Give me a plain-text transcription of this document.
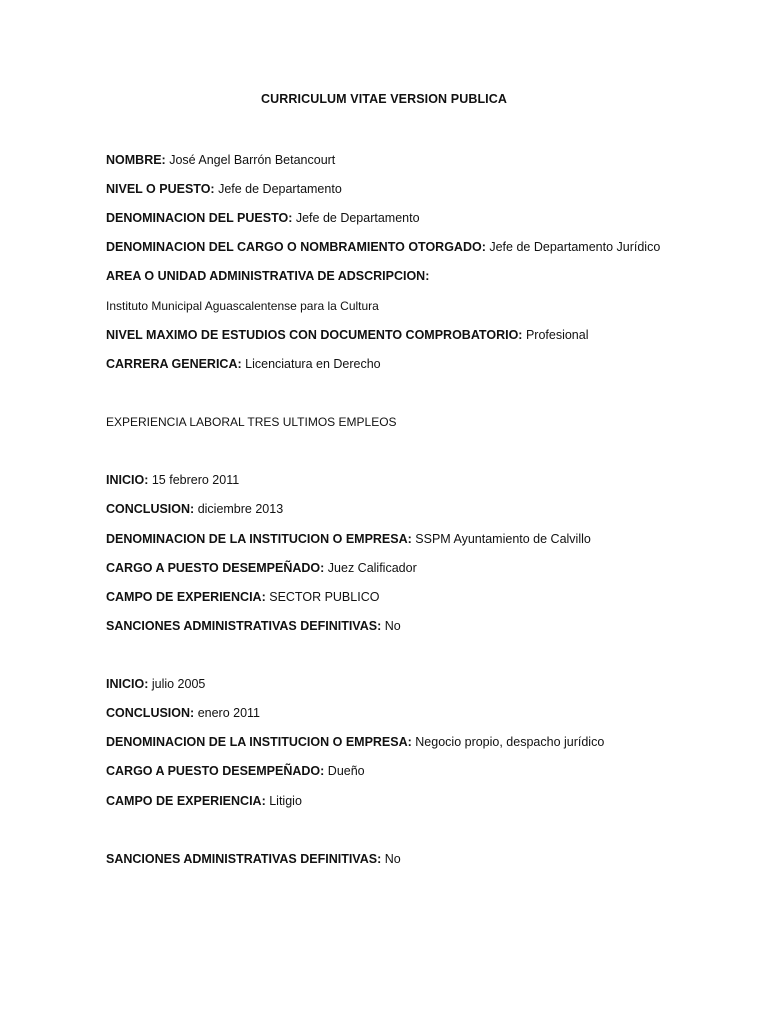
CURRICULUM VITAE VERSION PUBLICA
NOMBRE: José Angel Barrón Betancourt
NIVEL O PUESTO: Jefe de Departamento
DENOMINACION DEL PUESTO: Jefe de Departamento
DENOMINACION DEL CARGO O NOMBRAMIENTO OTORGADO: Jefe de Departamento Jurídico
AREA O UNIDAD ADMINISTRATIVA DE ADSCRIPCION:
Instituto Municipal Aguascalentense para la Cultura
NIVEL MAXIMO DE ESTUDIOS CON DOCUMENTO COMPROBATORIO: Profesional
CARRERA GENERICA: Licenciatura en Derecho
EXPERIENCIA LABORAL TRES ULTIMOS EMPLEOS
INICIO: 15 febrero 2011
CONCLUSION: diciembre 2013
DENOMINACION DE LA INSTITUCION O EMPRESA: SSPM Ayuntamiento de Calvillo
CARGO A PUESTO DESEMPEÑADO: Juez Calificador
CAMPO DE EXPERIENCIA: SECTOR PUBLICO
SANCIONES ADMINISTRATIVAS DEFINITIVAS: No
INICIO: julio 2005
CONCLUSION: enero 2011
DENOMINACION DE LA INSTITUCION O EMPRESA: Negocio propio, despacho jurídico
CARGO A PUESTO DESEMPEÑADO: Dueño
CAMPO DE EXPERIENCIA: Litigio
SANCIONES ADMINISTRATIVAS DEFINITIVAS: No
